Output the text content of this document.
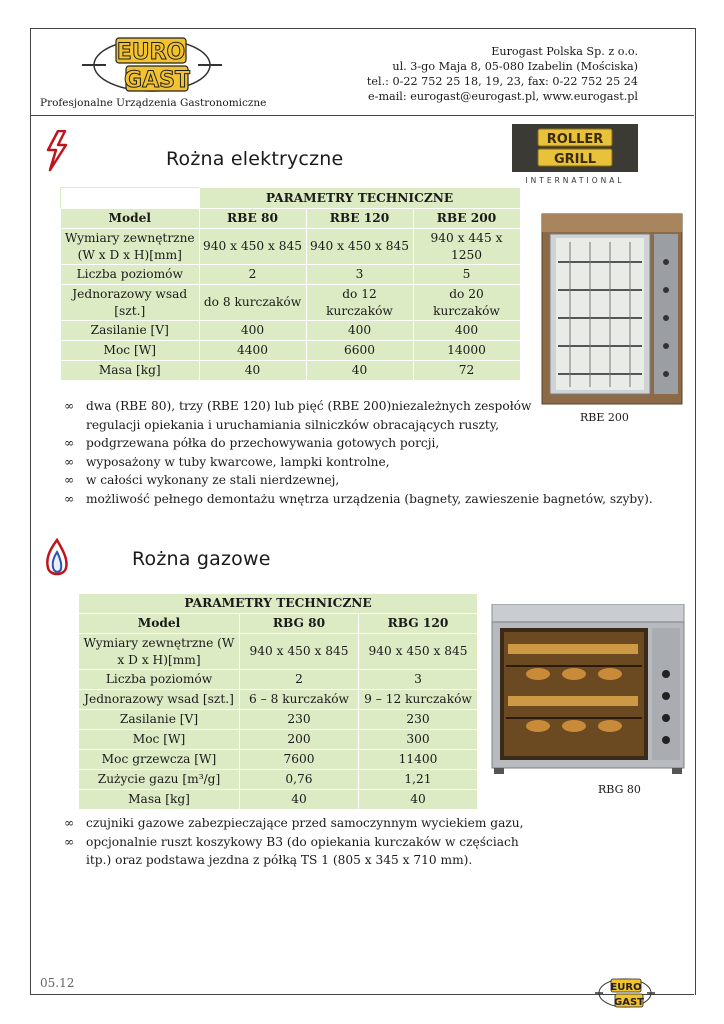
EURO
GAST
Eurogast Polska Sp. z o.o.
ul. 3-go Maja 8, 05-080 Izabelin (Mościska)
tel.: 0-22 752 25 18, 19, 23, fax: 0-22 752 25 24
e-mail: eurogast@eurogast.pl, www.eurogast.pl
Profesjonalne Urządzenia Gastronomiczne
Rożna elektryczne
ROLLER
GRILL
INTERNATIONAL
	PARAMETRY TECHNICZNE		
Model	RBE 80	RBE 120	RBE 200
Wymiary zewnętrzne (W x D x H)[mm]	940 x 450 x 845	940 x 450 x 845	940 x 445 x 1250
Liczba poziomów	2	3	5
Jednorazowy wsad [szt.]	do 8 kurczaków	do 12 kurczaków	do 20 kurczaków
Zasilanie [V]	400	400	400
Moc [W]	4400	6600	14000
Masa [kg]	40	40	72
RBE 200
∞ dwa (RBE 80), trzy (RBE 120) lub pięć (RBE 200)niezależnych zespołów regulacji opiekania i uruchamiania silniczków obracających ruszty,
∞ podgrzewana półka do przechowywania gotowych porcji,
∞ wyposażony w tuby kwarcowe, lampki kontrolne,
∞ w całości wykonany ze stali nierdzewnej,
∞ możliwość pełnego demontażu wnętrza urządzenia (bagnety, zawieszenie bagnetów, szyby).
Rożna gazowe
PARAMETRY TECHNICZNE		
Model	RBG 80	RBG 120
Wymiary zewnętrzne (W x D x H)[mm]	940 x 450 x 845	940 x 450 x 845
Liczba poziomów	2	3
Jednorazowy wsad [szt.]	6 – 8 kurczaków	9 – 12 kurczaków
Zasilanie [V]	230	230
Moc [W]	200	300
Moc grzewcza [W]	7600	11400
Zużycie gazu [m³/g]	0,76	1,21
Masa [kg]	40	40
RBG 80
∞ czujniki gazowe zabezpieczające przed samoczynnym wyciekiem gazu,
∞ opcjonalnie ruszt koszykowy B3 (do opiekania kurczaków w częściach itp.) oraz podstawa jezdna z półką TS 1 (805 x 345 x 710 mm).
05.12	EURO
GAST
